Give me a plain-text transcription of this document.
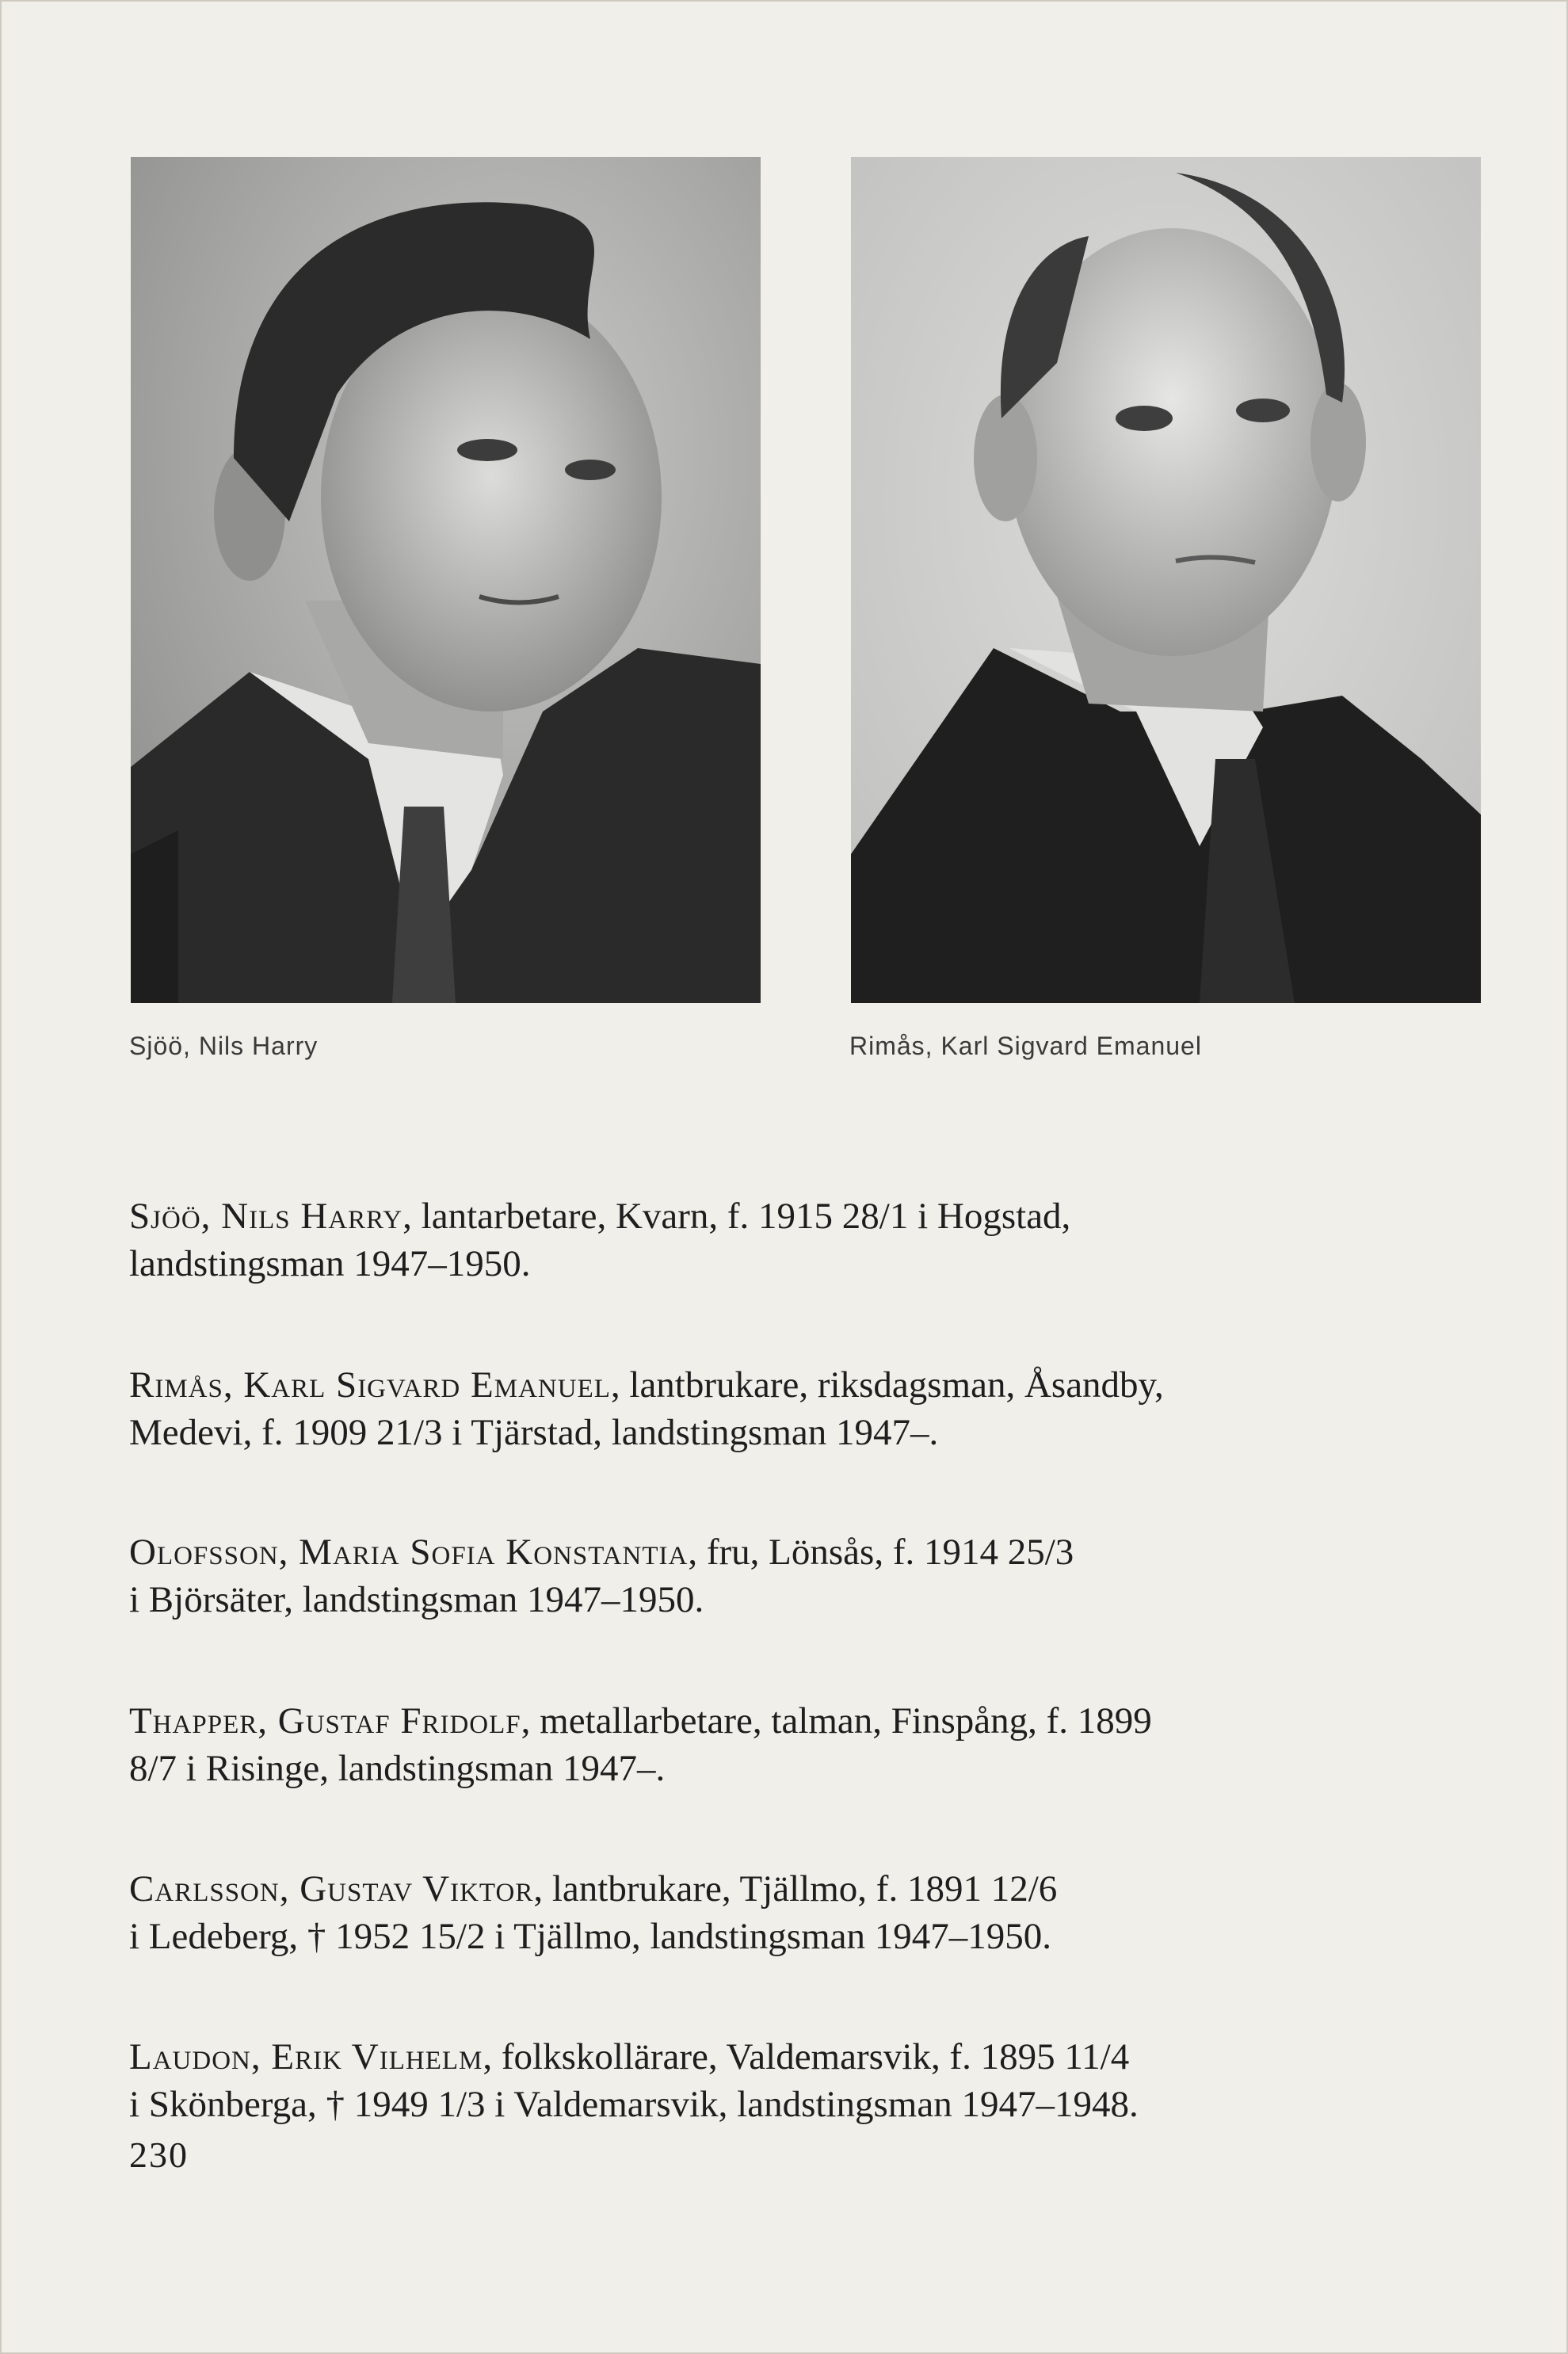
Sjöö, Nils Harry	Rimås, Karl Sigvard Emanuel
Sjöö, Nils Harry, lantarbetare, Kvarn, f. 1915 28/1 i Hogstad,
landstingsman 1947–1950.
Rimås, Karl Sigvard Emanuel, lantbrukare, riksdagsman, Åsandby,
Medevi, f. 1909 21/3 i Tjärstad, landstingsman 1947–.
Olofsson, Maria Sofia Konstantia, fru, Lönsås, f. 1914 25/3
i Björsäter, landstingsman 1947–1950.
Thapper, Gustaf Fridolf, metallarbetare, talman, Finspång, f. 1899
8/7 i Risinge, landstingsman 1947–.
Carlsson, Gustav Viktor, lantbrukare, Tjällmo, f. 1891 12/6
i Ledeberg, † 1952 15/2 i Tjällmo, landstingsman 1947–1950.
Laudon, Erik Vilhelm, folkskollärare, Valdemarsvik, f. 1895 11/4
i Skönberga, † 1949 1/3 i Valdemarsvik, landstingsman 1947–1948.
230
